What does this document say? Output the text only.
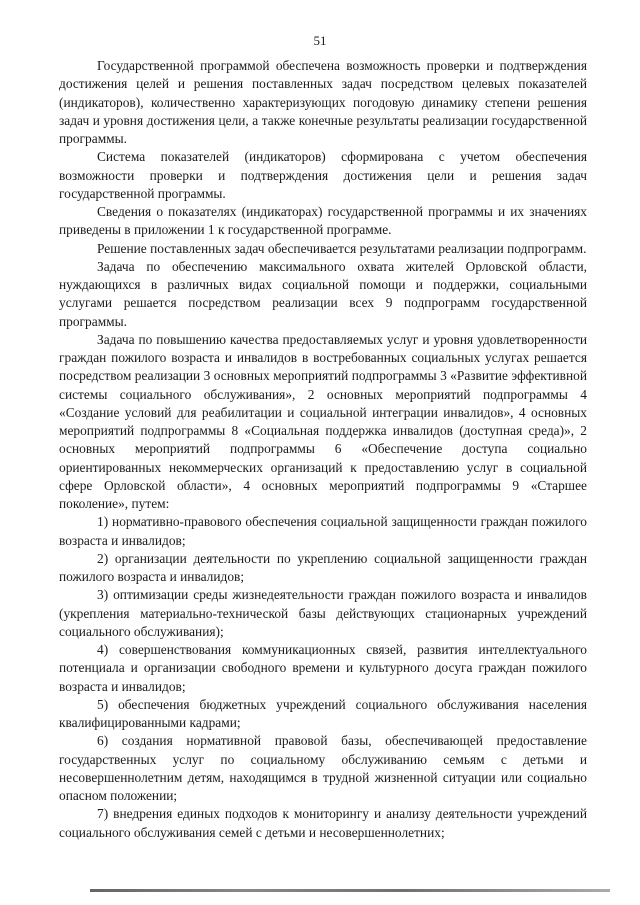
51

Государственной программой обеспечена возможность проверки и подтверждения достижения целей и решения поставленных задач посредством целевых показателей (индикаторов), количественно характеризующих погодовую динамику степени решения задач и уровня достижения цели, а также конечные результаты реализации государственной программы.

Система показателей (индикаторов) сформирована с учетом обеспечения возможности проверки и подтверждения достижения цели и решения задач государственной программы.

Сведения о показателях (индикаторах) государственной программы и их значениях приведены в приложении 1 к государственной программе.

Решение поставленных задач обеспечивается результатами реализации подпрограмм.

Задача по обеспечению максимального охвата жителей Орловской области, нуждающихся в различных видах социальной помощи и поддержки, социальными услугами решается посредством реализации всех 9 подпрограмм государственной программы.

Задача по повышению качества предоставляемых услуг и уровня удовлетворенности граждан пожилого возраста и инвалидов в востребованных социальных услугах решается посредством реализации 3 основных мероприятий подпрограммы 3 «Развитие эффективной системы социального обслуживания», 2 основных мероприятий подпрограммы 4 «Создание условий для реабилитации и социальной интеграции инвалидов», 4 основных мероприятий подпрограммы 8 «Социальная поддержка инвалидов (доступная среда)», 2 основных мероприятий подпрограммы 6 «Обеспечение доступа социально ориентированных некоммерческих организаций к предоставлению услуг в социальной сфере Орловской области», 4 основных мероприятий подпрограммы 9 «Старшее поколение», путем:

1) нормативно-правового обеспечения социальной защищенности граждан пожилого возраста и инвалидов;

2) организации деятельности по укреплению социальной защищенности граждан пожилого возраста и инвалидов;

3) оптимизации среды жизнедеятельности граждан пожилого возраста и инвалидов (укрепления материально-технической базы действующих стационарных учреждений социального обслуживания);

4) совершенствования коммуникационных связей, развития интеллектуального потенциала и организации свободного времени и культурного досуга граждан пожилого возраста и инвалидов;

5) обеспечения бюджетных учреждений социального обслуживания населения квалифицированными кадрами;

6) создания нормативной правовой базы, обеспечивающей предоставление государственных услуг по социальному обслуживанию семьям с детьми и несовершеннолетним детям, находящимся в трудной жизненной ситуации или социально опасном положении;

7) внедрения единых подходов к мониторингу и анализу деятельности учреждений социального обслуживания семей с детьми и несовершеннолетних;
